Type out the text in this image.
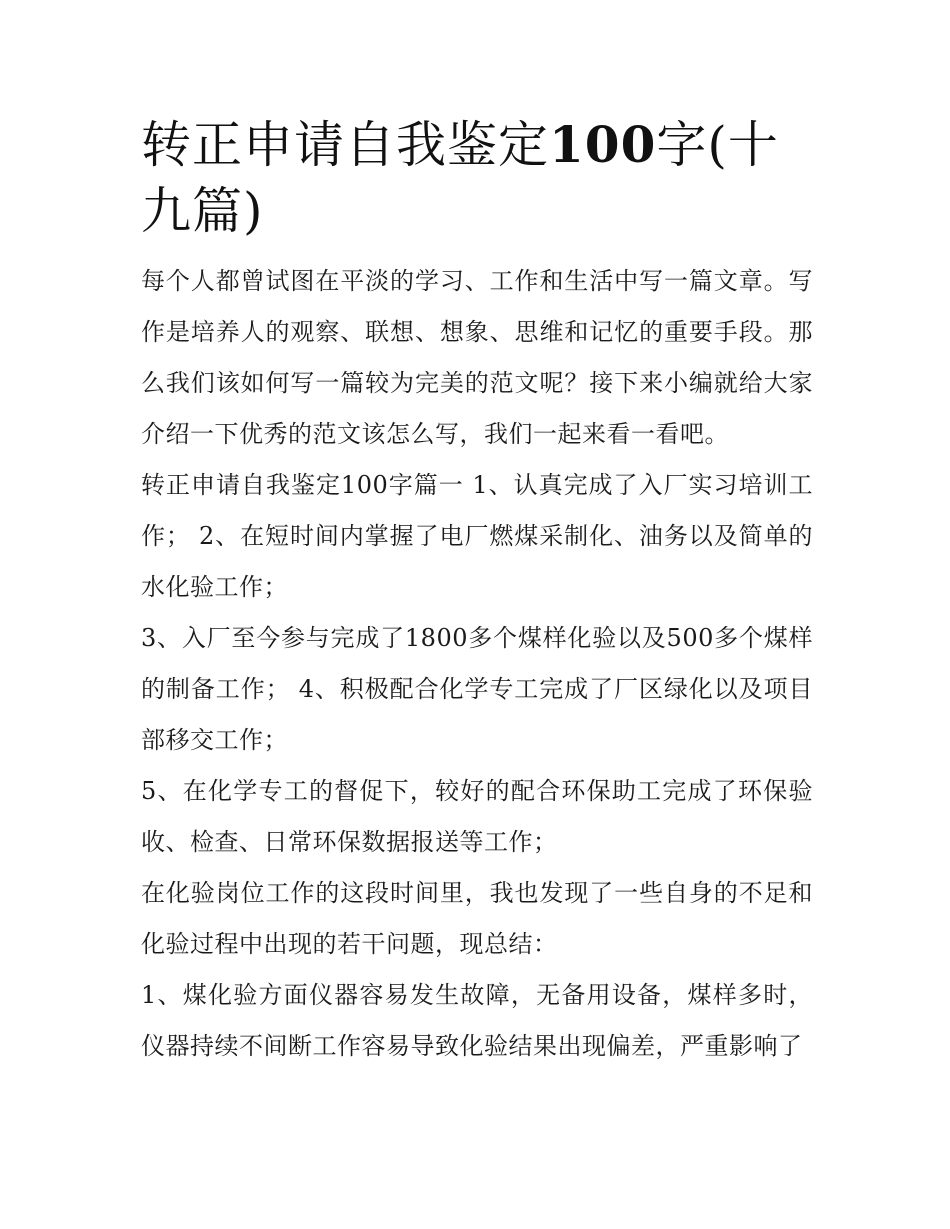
转正申请自我鉴定100字(十九篇)

每个人都曾试图在平淡的学习、工作和生活中写一篇文章。写作是培养人的观察、联想、想象、思维和记忆的重要手段。那么我们该如何写一篇较为完美的范文呢？接下来小编就给大家介绍一下优秀的范文该怎么写，我们一起来看一看吧。

转正申请自我鉴定100字篇一 1、认真完成了入厂实习培训工作； 2、在短时间内掌握了电厂燃煤采制化、油务以及简单的水化验工作；

3、入厂至今参与完成了1800多个煤样化验以及500多个煤样的制备工作； 4、积极配合化学专工完成了厂区绿化以及项目部移交工作；

5、在化学专工的督促下，较好的配合环保助工完成了环保验收、检查、日常环保数据报送等工作；

在化验岗位工作的这段时间里，我也发现了一些自身的不足和化验过程中出现的若干问题，现总结：

1、煤化验方面仪器容易发生故障，无备用设备，煤样多时，仪器持续不间断工作容易导致化验结果出现偏差，严重影响了
